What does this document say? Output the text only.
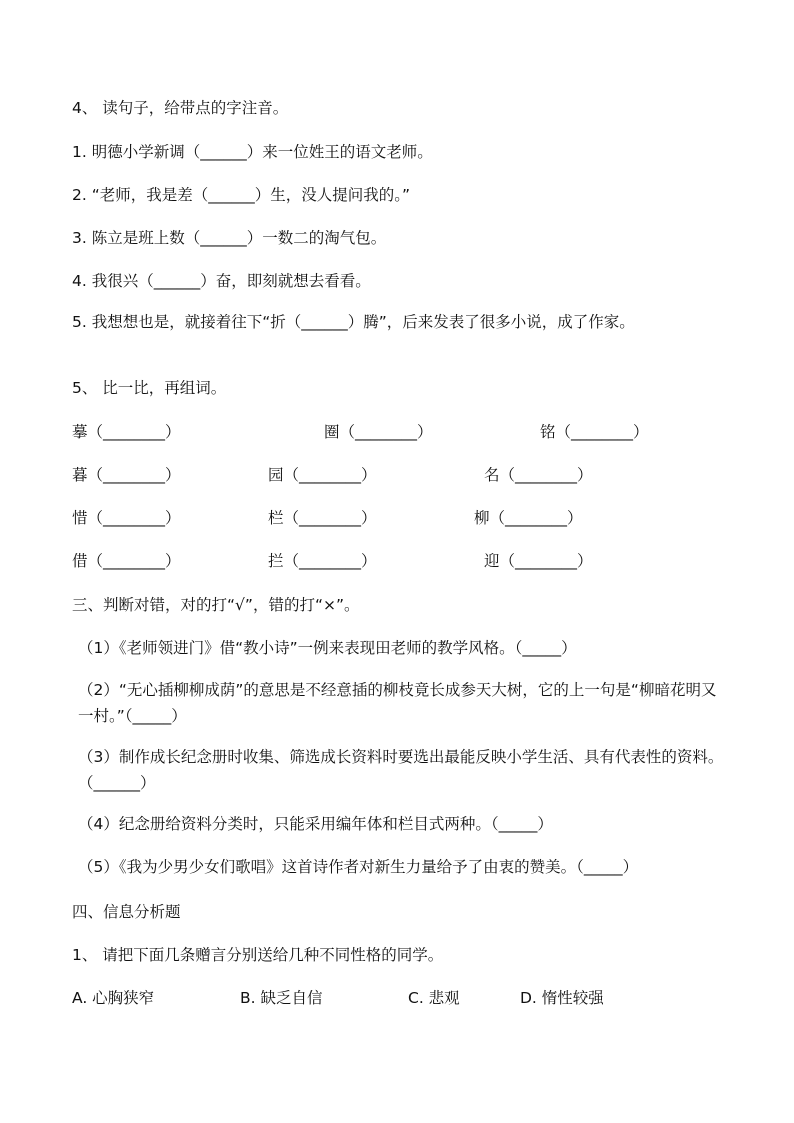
4、 读句子，给带点的字注音。
1. 明德小学新调（______）来一位姓王的语文老师。
2. “老师，我是差（______）生，没人提问我的。”
3. 陈立是班上数（______）一数二的淘气包。
4. 我很兴（______）奋，即刻就想去看看。
5. 我想想也是，就接着往下“折（______）腾”，后来发表了很多小说，成了作家。
5、 比一比，再组词。
摹（________）	圈（________）	铭（________）
暮（________）	园（________）	名（________）
惜（________）	栏（________）	柳（________）
借（________）	拦（________）	迎（________）
三、判断对错，对的打“√”，错的打“×”。
（1）《老师领进门》借“教小诗”一例来表现田老师的教学风格。（_____）
（2）“无心插柳柳成荫”的意思是不经意插的柳枝竟长成参天大树，它的上一句是“柳暗花明又一村。”（_____）
（3）制作成长纪念册时收集、筛选成长资料时要选出最能反映小学生活、具有代表性的资料。（______）
（4）纪念册给资料分类时，只能采用编年体和栏目式两种。（_____）
（5）《我为少男少女们歌唱》这首诗作者对新生力量给予了由衷的赞美。（_____）
四、信息分析题
1、 请把下面几条赠言分别送给几种不同性格的同学。
A. 心胸狭窄	B. 缺乏自信	C. 悲观	D. 惰性较强
